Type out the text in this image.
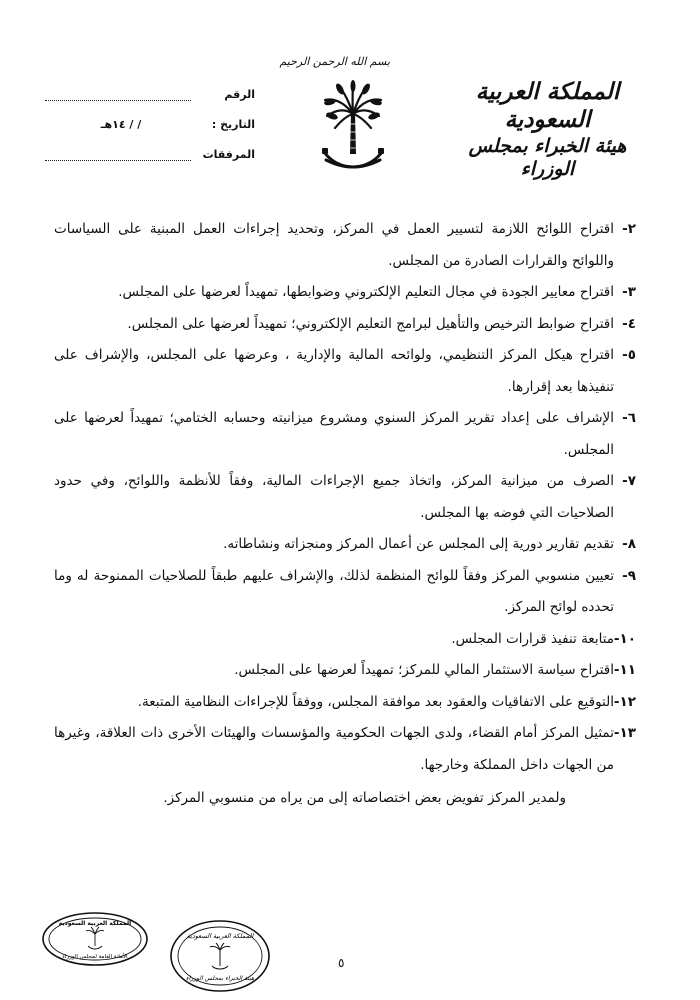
بسم الله الرحمن الرحيم
المملكة العربية السعودية
هيئة الخبراء بمجلس الوزراء
الرقم
التاريخ :
/ / ١٤هـ
المرفقات
٢-
اقتراح اللوائح اللازمة لتسيير العمل في المركز، وتحديد إجراءات العمل المبنية على السياسات واللوائح والقرارات الصادرة من المجلس.
٣-
اقتراح معايير الجودة في مجال التعليم الإلكتروني وضوابطها، تمهيداً لعرضها على المجلس.
٤-
اقتراح ضوابط الترخيص والتأهيل لبرامج التعليم الإلكتروني؛ تمهيداً لعرضها على المجلس.
٥-
اقتراح هيكل المركز التنظيمي، ولوائحه المالية والإدارية ، وعرضها على المجلس، والإشراف على تنفيذها بعد إقرارها.
٦-
الإشراف على إعداد تقرير المركز السنوي ومشروع ميزانيته وحسابه الختامي؛ تمهيداً لعرضها على المجلس.
٧-
الصرف من ميزانية المركز، واتخاذ جميع الإجراءات المالية، وفقاً للأنظمة واللوائح، وفي حدود الصلاحيات التي فوضه بها المجلس.
٨-
تقديم تقارير دورية إلى المجلس عن أعمال المركز ومنجزاته ونشاطاته.
٩-
تعيين منسوبي المركز وفقاً للوائح المنظمة لذلك، والإشراف عليهم طبقاً للصلاحيات الممنوحة له وما تحدده لوائح المركز.
١٠-
متابعة تنفيذ قرارات المجلس.
١١-
اقتراح سياسة الاستثمار المالي للمركز؛ تمهيداً لعرضها على المجلس.
١٢-
التوقيع على الاتفاقيات والعقود بعد موافقة المجلس، ووفقاً للإجراءات النظامية المتبعة.
١٣-
تمثيل المركز أمام القضاء، ولدى الجهات الحكومية والمؤسسات والهيئات الأخرى ذات العلاقة، وغيرها من الجهات داخل المملكة وخارجها.
ولمدير المركز تفويض بعض اختصاصاته إلى من يراه من منسوبي المركز.
المملكة العربية السعودية
الأمانة العامة لمجلس الوزراء
المملكة العربية السعودية
هيئة الخبراء بمجلس الوزراء
٥
